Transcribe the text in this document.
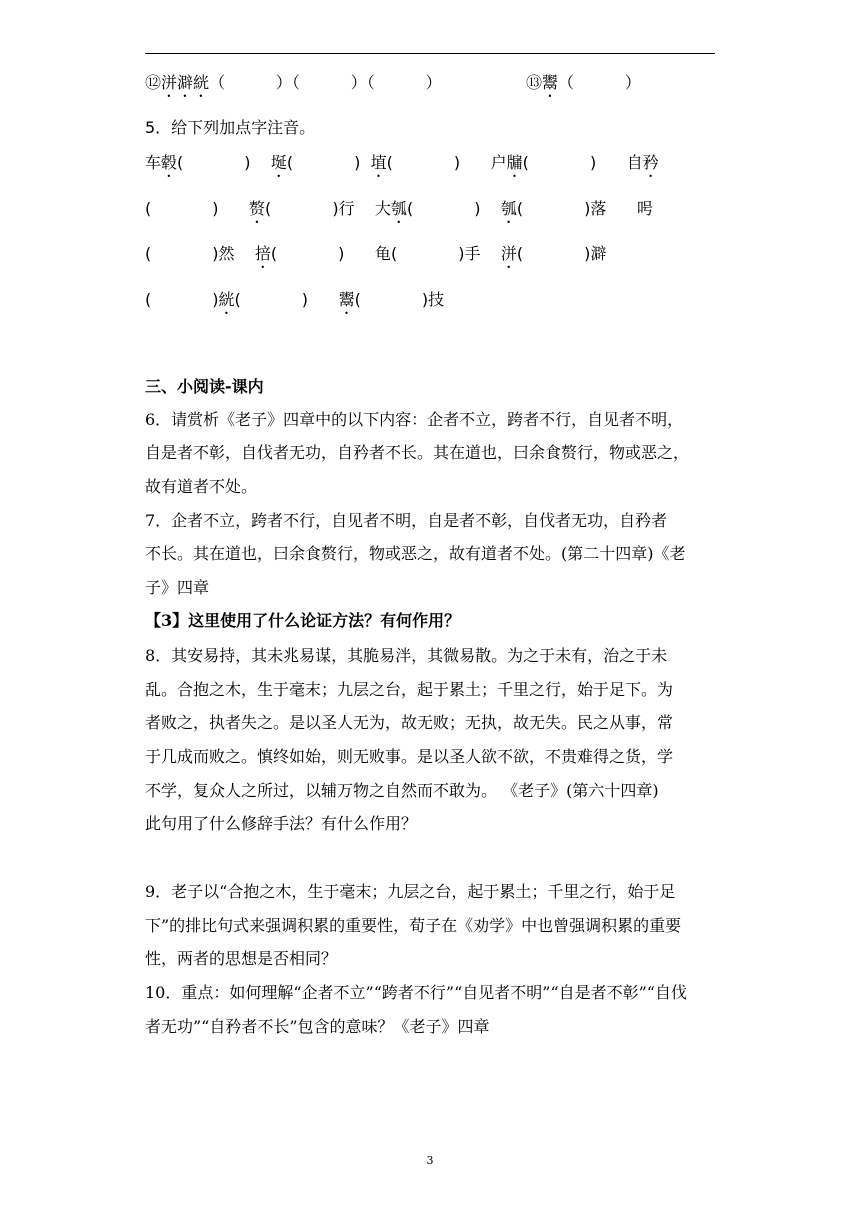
⑫洴澼絖（          ）（          ）（          ）	⑬鬻（          ）
5．给下列加点字注音。
车毂(            )    埏(            )  埴(            )      户牖(            )      自矜
(            )      赘(            )行    大瓠(            )    瓠(            )落      呺
(            )然    掊(            )      龟(            )手    洴(            )澼
(            )絖(            )      鬻(            )技
三、小阅读-课内
6．请赏析《老子》四章中的以下内容：企者不立，跨者不行，自见者不明，
自是者不彰，自伐者无功，自矜者不长。其在道也，曰余食赘行，物或恶之，
故有道者不处。
7．企者不立，跨者不行，自见者不明，自是者不彰，自伐者无功，自矜者
不长。其在道也，曰余食赘行，物或恶之，故有道者不处。(第二十四章)《老
子》四章
【3】这里使用了什么论证方法？有何作用？
8．其安易持，其未兆易谋，其脆易泮，其微易散。为之于未有，治之于未
乱。合抱之木，生于毫末；九层之台，起于累土；千里之行，始于足下。为
者败之，执者失之。是以圣人无为，故无败；无执，故无失。民之从事，常
于几成而败之。慎终如始，则无败事。是以圣人欲不欲，不贵难得之货，学
不学，复众人之所过，以辅万物之自然而不敢为。 《老子》(第六十四章)
此句用了什么修辞手法？有什么作用？
9．老子以“合抱之木，生于毫末；九层之台，起于累土；千里之行，始于足
下”的排比句式来强调积累的重要性，荀子在《劝学》中也曾强调积累的重要
性，两者的思想是否相同？
10．重点：如何理解“企者不立”“跨者不行”“自见者不明”“自是者不彰”“自伐
者无功”“自矜者不长”包含的意味？《老子》四章
3
